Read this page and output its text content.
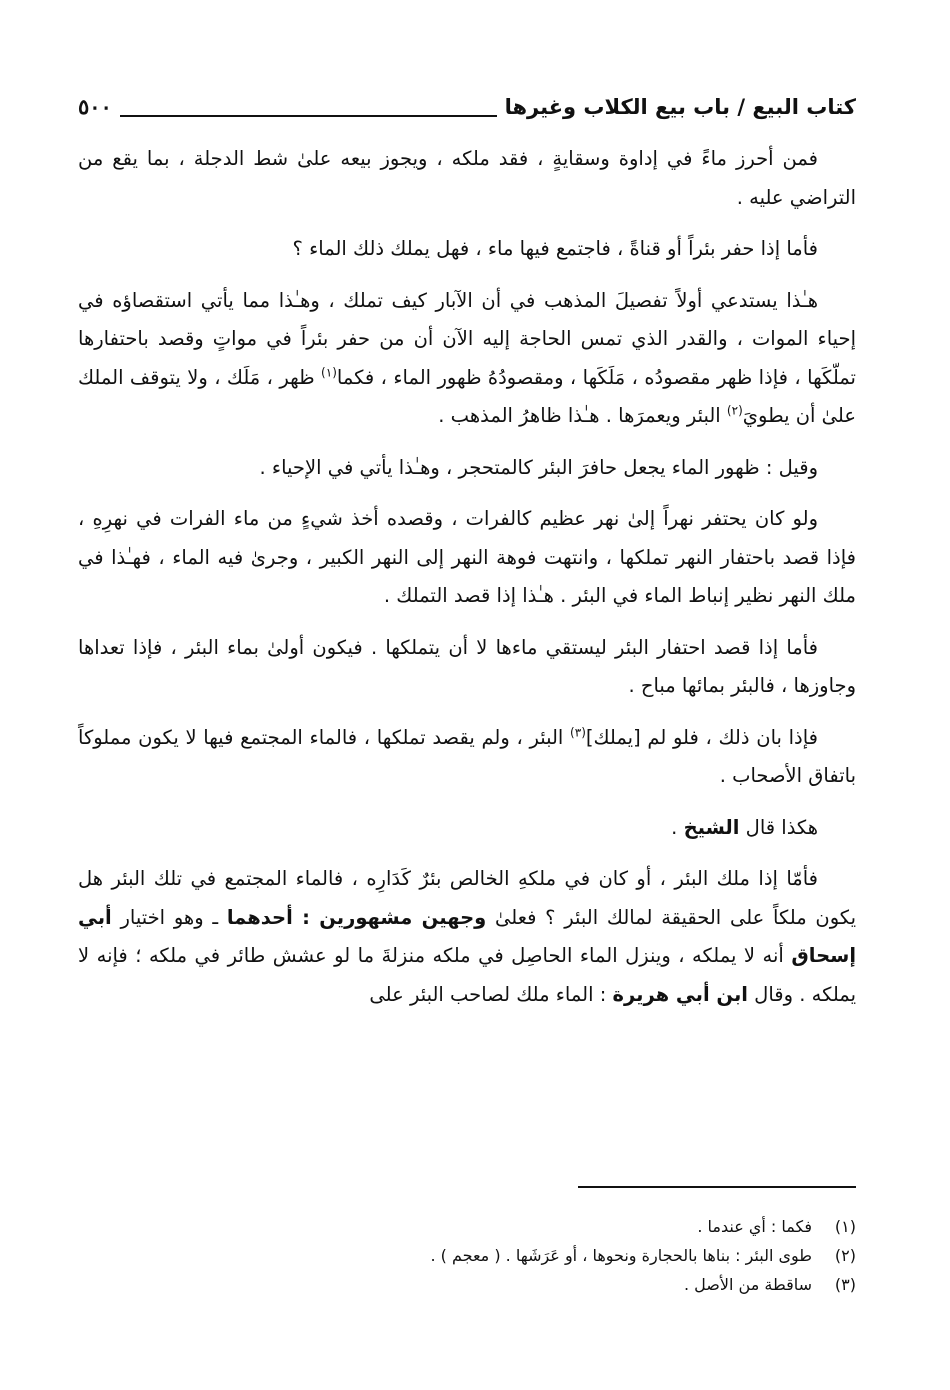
كتاب البيع / باب بيع الكلاب وغيرها
٥٠٠

فمن أحرز ماءً في إداوة وسقايةٍ ، فقد ملكه ، ويجوز بيعه علىٰ شط الدجلة ، بما يقع من التراضي عليه .

فأما إذا حفر بئراً أو قناةً ، فاجتمع فيها ماء ، فهل يملك ذلك الماء ؟

هـٰذا يستدعي أولاً تفصيلَ المذهب في أن الآبار كيف تملك ، وهـٰذا مما يأتي استقصاؤه في إحياء الموات ، والقدر الذي تمس الحاجة إليه الآن أن من حفر بئراً في مواتٍ وقصد باحتفارها تملّكَها ، فإذا ظهر مقصودُه ، مَلَكَها ، ومقصودُهُ ظهور الماء ، فكما$^{(١)}$ ظهر ، مَلَك ، ولا يتوقف الملك علىٰ أن يطويَ$^{(٢)}$ البئر ويعمرَها . هـٰذا ظاهرُ المذهب .

وقيل : ظهور الماء يجعل حافرَ البئر كالمتحجر ، وهـٰذا يأتي في الإحياء .

ولو كان يحتفر نهراً إلىٰ نهر عظيم كالفرات ، وقصده أخذ شيءٍ من ماء الفرات في نهرِهِ ، فإذا قصد باحتفار النهر تملكها ، وانتهت فوهة النهر إلى النهر الكبير ، وجرىٰ فيه الماء ، فهـٰذا في ملك النهر نظير إنباط الماء في البئر . هـٰذا إذا قصد التملك .

فأما إذا قصد احتفار البئر ليستقي ماءها لا أن يتملكها . فيكون أولىٰ بماء البئر ، فإذا تعداها وجاوزها ، فالبئر بمائها مباح .

فإذا بان ذلك ، فلو لم [يملك]$^{(٣)}$ البئر ، ولم يقصد تملكها ، فالماء المجتمع فيها لا يكون مملوكاً باتفاق الأصحاب .

هكذا قال الشيخ .

فأمّا إذا ملك البئر ، أو كان في ملكهِ الخالص بئرٌ كَدَارِه ، فالماء المجتمع في تلك البئر هل يكون ملكاً على الحقيقة لمالك البئر ؟ فعلىٰ وجهين مشهورين : أحدهما ـ وهو اختيار أبي إسحاق أنه لا يملكه ، وينزل الماء الحاصِل في ملكه منزلةَ ما لو عشش طائر في ملكه ؛ فإنه لا يملكه . وقال ابن أبي هريرة : الماء ملك لصاحب البئر على

(١)فكما : أي عندما .
(٢)طوى البئر : بناها بالحجارة ونحوها ، أو عَرَشَها . ( معجم ) .
(٣)ساقطة من الأصل .
